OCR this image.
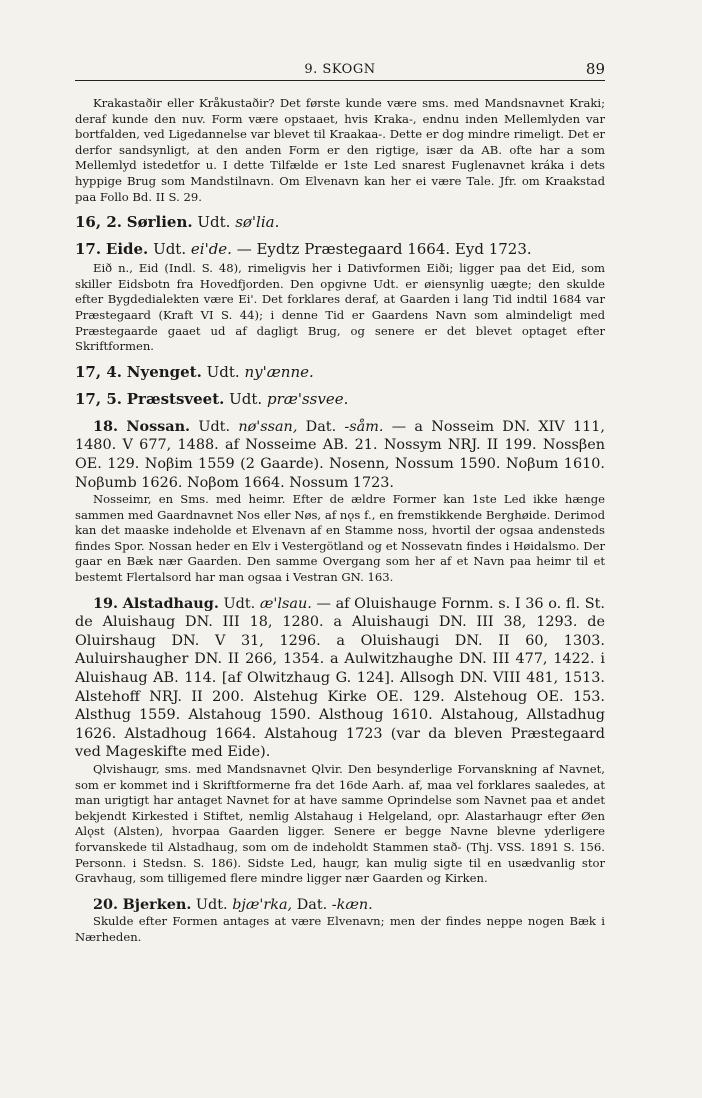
9. SKOGN	89

Krakastaðir eller Kråkustaðir? Det første kunde være sms. med Mandsnavnet Kraki; deraf kunde den nuv. Form være opstaaet, hvis Kraka-, endnu inden Mellemlyden var bortfalden, ved Ligedannelse var blevet til Kraakaa-. Dette er dog mindre rimeligt. Det er derfor sandsynligt, at den anden Form er den rigtige, især da AB. ofte har a som Mellemlyd istedetfor u. I dette Tilfælde er 1ste Led snarest Fuglenavnet kráka i dets hyppige Brug som Mandstilnavn. Om Elvenavn kan her ei være Tale. Jfr. om Kraakstad paa Follo Bd. II S. 29.

16, 2. Sørlien. Udt. sø'lia.
17. Eide. Udt. ei'de. — Eydtz Præstegaard 1664. Eyd 1723.

Eið n., Eid (Indl. S. 48), rimeligvis her i Dativformen Eiði; ligger paa det Eid, som skiller Eidsbotn fra Hovedfjorden. Den opgivne Udt. er øiensynlig uægte; den skulde efter Bygdedialekten være Ei'. Det forklares deraf, at Gaarden i lang Tid indtil 1684 var Præstegaard (Kraft VI S. 44); i denne Tid er Gaardens Navn som almindeligt med Præstegaarde gaaet ud af dagligt Brug, og senere er det blevet optaget efter Skriftformen.

17, 4. Nyenget. Udt. ny'ænne.
17, 5. Præstsveet. Udt. præ'ssvee.

18. Nossan. Udt. nø'ssan, Dat. -såm. — a Nosseim DN. XIV 111, 1480. V 677, 1488. af Nosseime AB. 21. Nossym NRJ. II 199. Nossβen OE. 129. Noβim 1559 (2 Gaarde). Nosenn, Nossum 1590. Noβum 1610. Noβumb 1626. Noβom 1664. Nossum 1723.

Nosseimr, en Sms. med heimr. Efter de ældre Former kan 1ste Led ikke hænge sammen med Gaardnavnet Nos eller Nøs, af nǫs f., en fremstikkende Berghøide. Derimod kan det maaske indeholde et Elvenavn af en Stamme noss, hvortil der ogsaa andensteds findes Spor. Nossan heder en Elv i Vestergötland og et Nossevatn findes i Høidalsmo. Der gaar en Bæk nær Gaarden. Den samme Overgang som her af et Navn paa heimr til et bestemt Flertalsord har man ogsaa i Vestran GN. 163.

19. Alstadhaug. Udt. æ'lsau. — af Oluishauge Fornm. s. I 36 o. fl. St. de Aluishaug DN. III 18, 1280. a Aluishaugi DN. III 38, 1293. de Oluirshaug DN. V 31, 1296. a Oluishaugi DN. II 60, 1303. Auluirshaugher DN. II 266, 1354. a Aulwitzhaughe DN. III 477, 1422. i Aluishaug AB. 114. [af Olwitzhaug G. 124]. Allsogh DN. VIII 481, 1513. Alstehoff NRJ. II 200. Alstehug Kirke OE. 129. Alstehoug OE. 153. Alsthug 1559. Alstahoug 1590. Alsthoug 1610. Alstahoug, Allstadhug 1626. Alstadhoug 1664. Alstahoug 1723 (var da bleven Præstegaard ved Mageskifte med Eide).

Qlvishaugr, sms. med Mandsnavnet Qlvir. Den besynderlige Forvanskning af Navnet, som er kommet ind i Skriftformerne fra det 16de Aarh. af, maa vel forklares saaledes, at man urigtigt har antaget Navnet for at have samme Oprindelse som Navnet paa et andet bekjendt Kirkested i Stiftet, nemlig Alstahaug i Helgeland, opr. Alastarhaugr efter Øen Alǫst (Alsten), hvorpaa Gaarden ligger. Senere er begge Navne blevne yderligere forvanskede til Alstadhaug, som om de indeholdt Stammen stað- (Thj. VSS. 1891 S. 156. Personn. i Stedsn. S. 186). Sidste Led, haugr, kan mulig sigte til en usædvanlig stor Gravhaug, som tilligemed flere mindre ligger nær Gaarden og Kirken.

20. Bjerken. Udt. bjæ'rka, Dat. -kæn.

Skulde efter Formen antages at være Elvenavn; men der findes neppe nogen Bæk i Nærheden.
